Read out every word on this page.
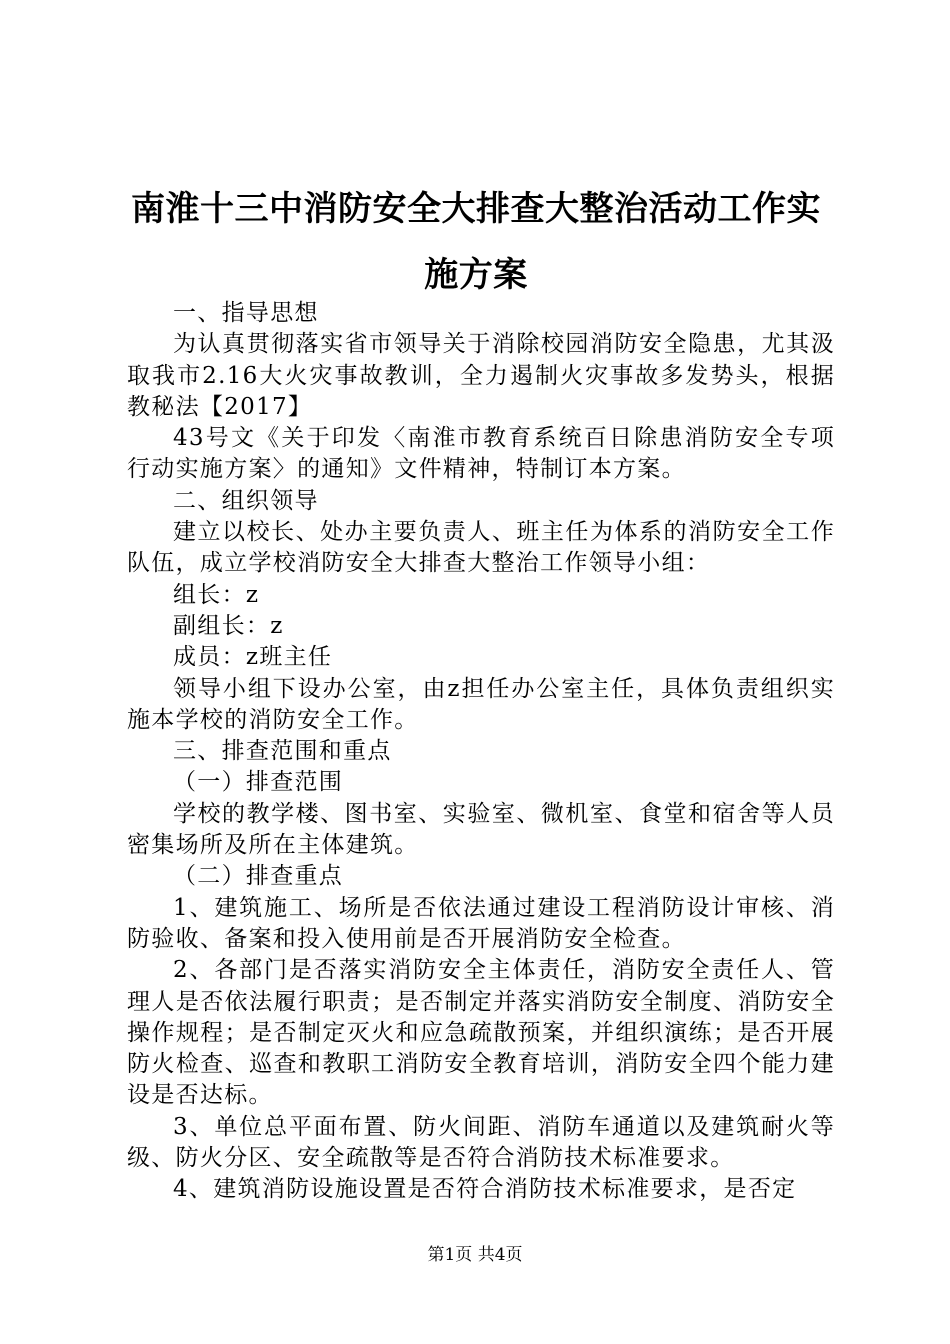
南淮十三中消防安全大排查大整治活动工作实施方案

一、指导思想

为认真贯彻落实省市领导关于消除校园消防安全隐患，尤其汲取我市2.16大火灾事故教训，全力遏制火灾事故多发势头，根据教秘法【2017】

43号文《关于印发〈南淮市教育系统百日除患消防安全专项行动实施方案〉的通知》文件精神，特制订本方案。

二、组织领导

建立以校长、处办主要负责人、班主任为体系的消防安全工作队伍，成立学校消防安全大排查大整治工作领导小组：

组长：z

副组长：z

成员：z班主任

领导小组下设办公室，由z担任办公室主任，具体负责组织实施本学校的消防安全工作。

三、排查范围和重点

（一）排查范围

学校的教学楼、图书室、实验室、微机室、食堂和宿舍等人员密集场所及所在主体建筑。

（二）排查重点

1、建筑施工、场所是否依法通过建设工程消防设计审核、消防验收、备案和投入使用前是否开展消防安全检查。

2、各部门是否落实消防安全主体责任，消防安全责任人、管理人是否依法履行职责；是否制定并落实消防安全制度、消防安全操作规程；是否制定灭火和应急疏散预案，并组织演练；是否开展防火检查、巡查和教职工消防安全教育培训，消防安全四个能力建设是否达标。

3、单位总平面布置、防火间距、消防车通道以及建筑耐火等级、防火分区、安全疏散等是否符合消防技术标准要求。

4、建筑消防设施设置是否符合消防技术标准要求，是否定

第1页 共4页
